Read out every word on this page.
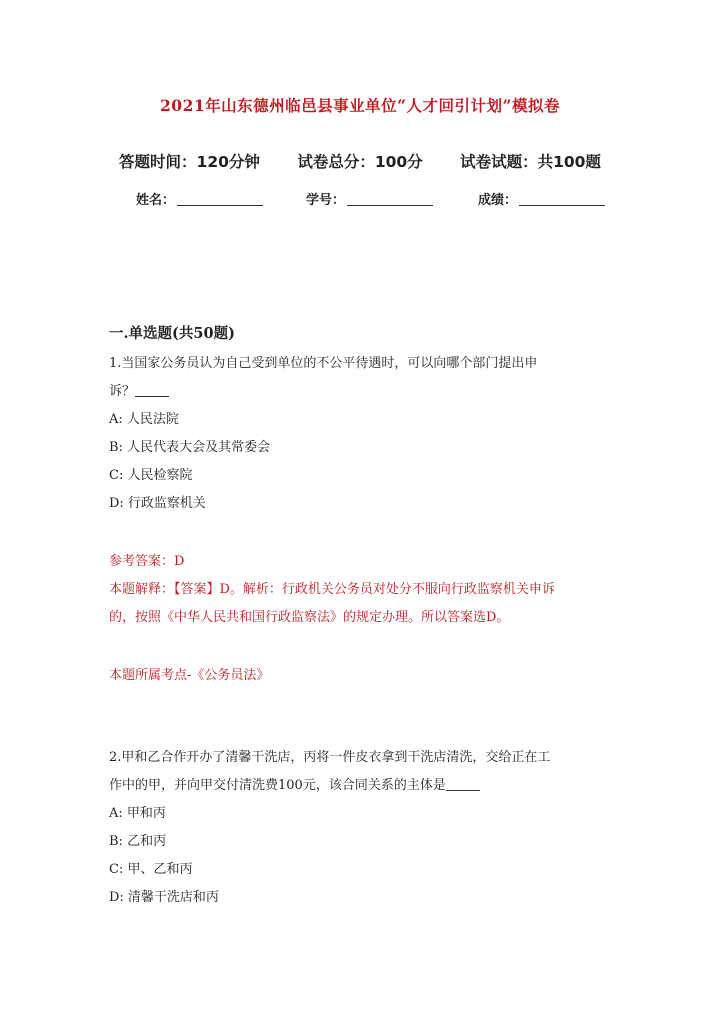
2021年山东德州临邑县事业单位“人才回引计划”模拟卷
答题时间：120分钟 试卷总分：100分 试卷试题：共100题
姓名：	学号：	成绩：
一.单选题(共50题)
1.当国家公务员认为自己受到单位的不公平待遇时，可以向哪个部门提出申
诉？
A: 人民法院
B: 人民代表大会及其常委会
C: 人民检察院
D: 行政监察机关
参考答案：D
本题解释：【答案】D。解析：行政机关公务员对处分不服向行政监察机关申诉
的，按照《中华人民共和国行政监察法》的规定办理。所以答案选D。
本题所属考点-《公务员法》
2.甲和乙合作开办了清馨干洗店，丙将一件皮衣拿到干洗店清洗，交给正在工
作中的甲，并向甲交付清洗费100元，该合同关系的主体是
A: 甲和丙
B: 乙和丙
C: 甲、乙和丙
D: 清馨干洗店和丙
